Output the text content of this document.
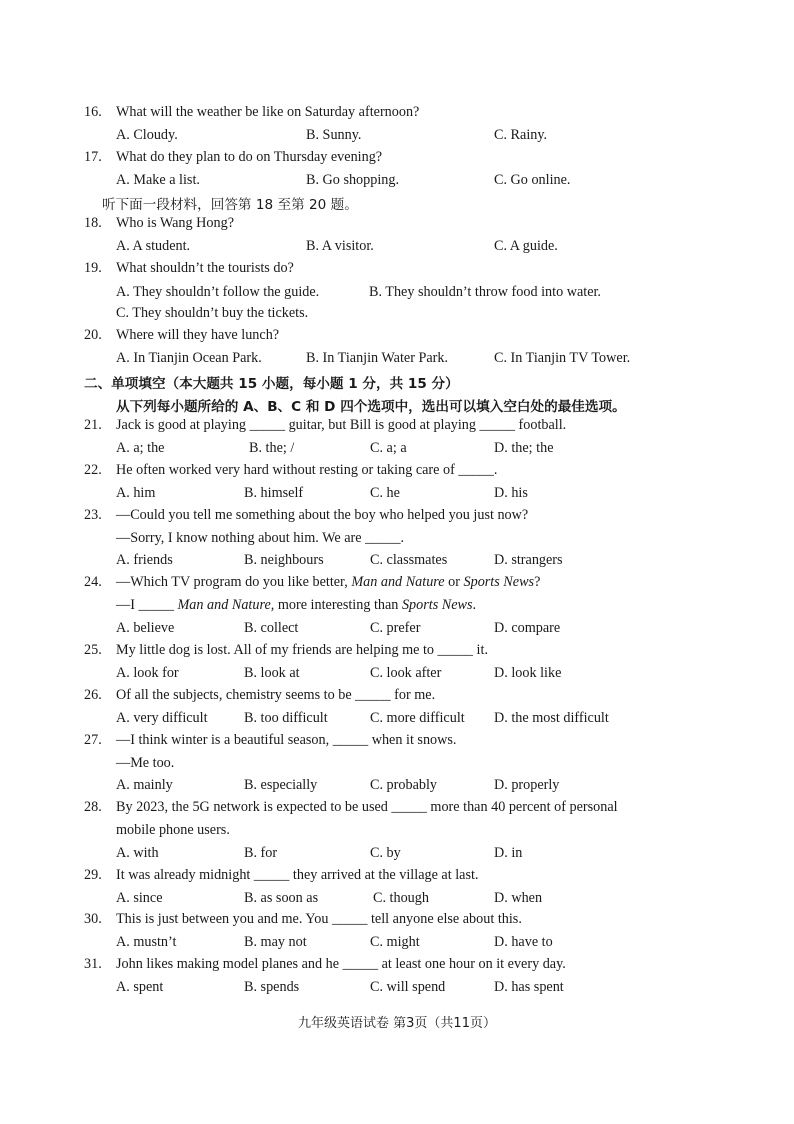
16. What will the weather be like on Saturday afternoon?
A. Cloudy.	B. Sunny.	C. Rainy.
17. What do they plan to do on Thursday evening?
A. Make a list.	B. Go shopping.	C. Go online.
听下面一段材料，回答第 18 至第 20 题。
18. Who is Wang Hong?
A. A student.	B. A visitor.	C. A guide.
19. What shouldn’t the tourists do?
A. They shouldn’t follow the guide.	B. They shouldn’t throw food into water.
C. They shouldn’t buy the tickets.
20. Where will they have lunch?
A. In Tianjin Ocean Park.	B. In Tianjin Water Park.	C. In Tianjin TV Tower.
二、单项填空（本大题共 15 小题，每小题 1 分，共 15 分）
从下列每小题所给的 A、B、C 和 D 四个选项中，选出可以填入空白处的最佳选项。
21. Jack is good at playing _____ guitar, but Bill is good at playing _____ football.
A. a; the	B. the; /	C. a; a	D. the; the
22. He often worked very hard without resting or taking care of _____.
A. him	B. himself	C. he	D. his
23. —Could you tell me something about the boy who helped you just now?
—Sorry, I know nothing about him. We are _____.
A. friends	B. neighbours	C. classmates	D. strangers
24. —Which TV program do you like better, Man and Nature or Sports News?
—I _____ Man and Nature, more interesting than Sports News.
A. believe	B. collect	C. prefer	D. compare
25. My little dog is lost. All of my friends are helping me to _____ it.
A. look for	B. look at	C. look after	D. look like
26. Of all the subjects, chemistry seems to be _____ for me.
A. very difficult	B. too difficult	C. more difficult D. the most difficult
27. —I think winter is a beautiful season, _____ when it snows.
—Me too.
A. mainly	B. especially	C. probably	D. properly
28. By 2023, the 5G network is expected to be used _____ more than 40 percent of personal
mobile phone users.
A. with	B. for	C. by	D. in
29. It was already midnight _____ they arrived at the village at last.
A. since	B. as soon as	C. though	D. when
30. This is just between you and me. You _____ tell anyone else about this.
A. mustn’t	B. may not	C. might	D. have to
31. John likes making model planes and he _____ at least one hour on it every day.
A. spent	B. spends	C. will spend	D. has spent
九年级英语试卷 第3页（共11页）
